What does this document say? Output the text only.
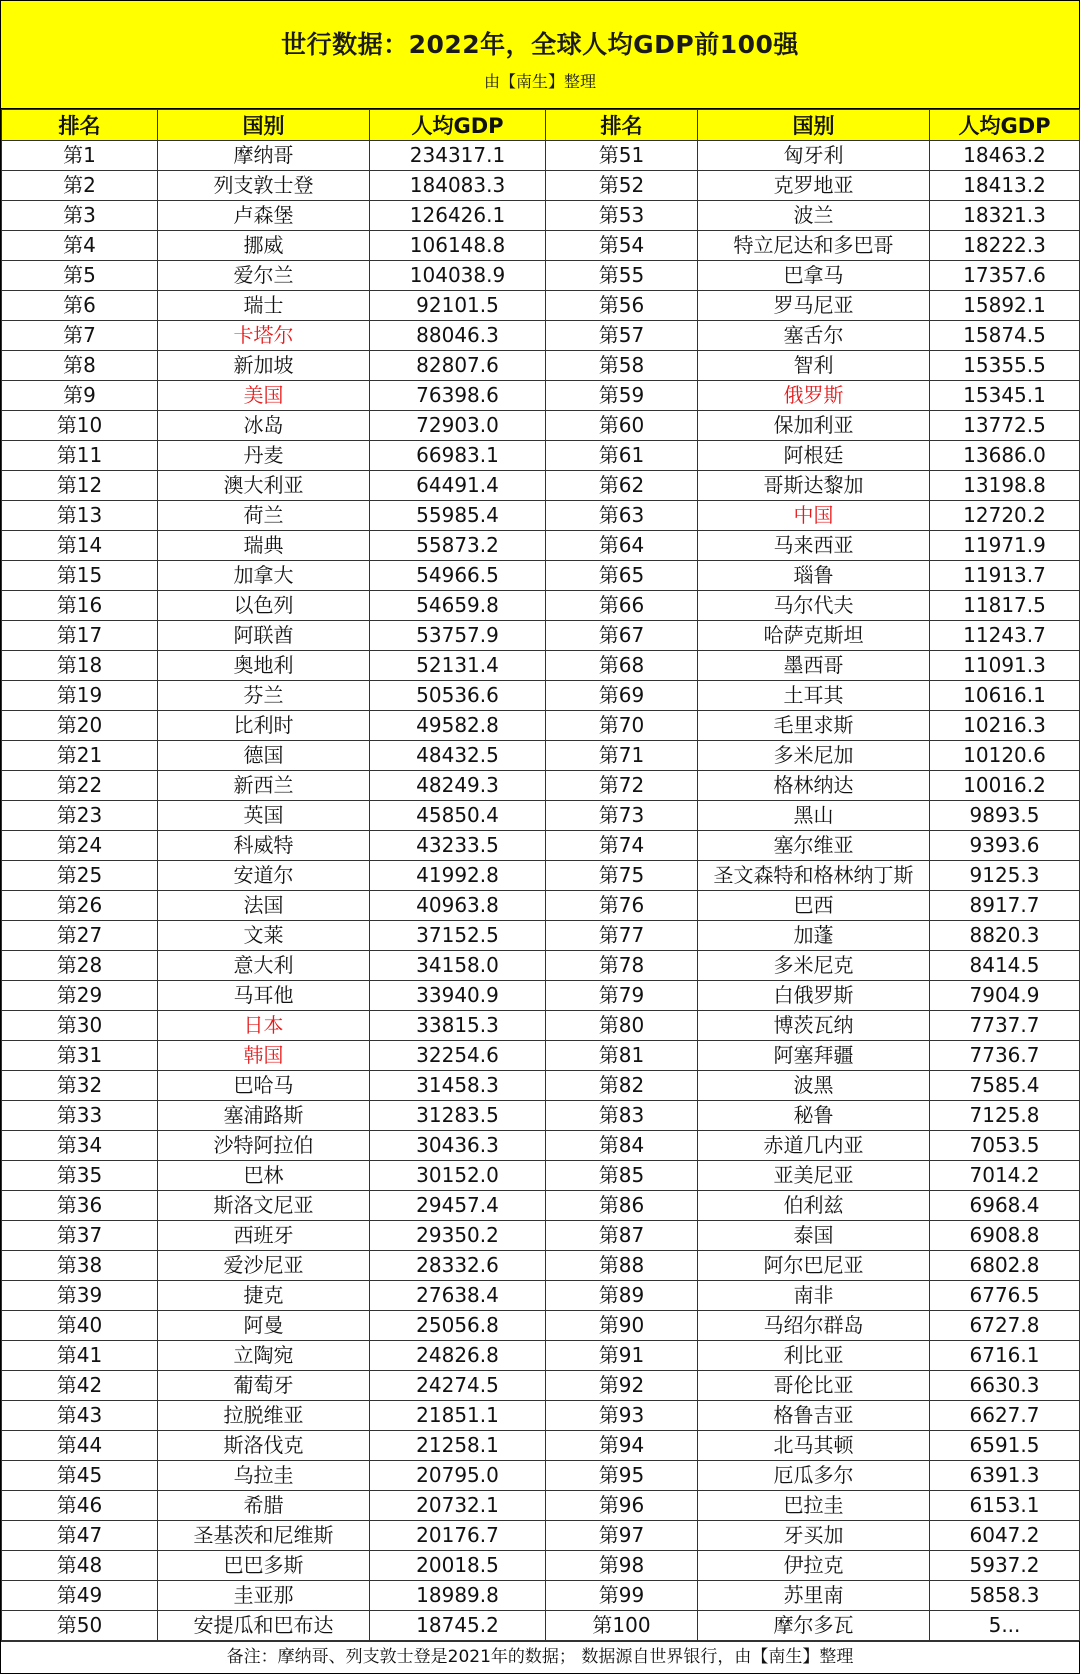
世行数据：2022年，全球人均GDP前100强
由【南生】整理
排名	国别	人均GDP	排名	国别	人均GDP
第1	摩纳哥	234317.1	第51	匈牙利	18463.2
第2	列支敦士登	184083.3	第52	克罗地亚	18413.2
第3	卢森堡	126426.1	第53	波兰	18321.3
第4	挪威	106148.8	第54	特立尼达和多巴哥	18222.3
第5	爱尔兰	104038.9	第55	巴拿马	17357.6
第6	瑞士	92101.5	第56	罗马尼亚	15892.1
第7	卡塔尔	88046.3	第57	塞舌尔	15874.5
第8	新加坡	82807.6	第58	智利	15355.5
第9	美国	76398.6	第59	俄罗斯	15345.1
第10	冰岛	72903.0	第60	保加利亚	13772.5
第11	丹麦	66983.1	第61	阿根廷	13686.0
第12	澳大利亚	64491.4	第62	哥斯达黎加	13198.8
第13	荷兰	55985.4	第63	中国	12720.2
第14	瑞典	55873.2	第64	马来西亚	11971.9
第15	加拿大	54966.5	第65	瑙鲁	11913.7
第16	以色列	54659.8	第66	马尔代夫	11817.5
第17	阿联酋	53757.9	第67	哈萨克斯坦	11243.7
第18	奥地利	52131.4	第68	墨西哥	11091.3
第19	芬兰	50536.6	第69	土耳其	10616.1
第20	比利时	49582.8	第70	毛里求斯	10216.3
第21	德国	48432.5	第71	多米尼加	10120.6
第22	新西兰	48249.3	第72	格林纳达	10016.2
第23	英国	45850.4	第73	黑山	9893.5
第24	科威特	43233.5	第74	塞尔维亚	9393.6
第25	安道尔	41992.8	第75	圣文森特和格林纳丁斯	9125.3
第26	法国	40963.8	第76	巴西	8917.7
第27	文莱	37152.5	第77	加蓬	8820.3
第28	意大利	34158.0	第78	多米尼克	8414.5
第29	马耳他	33940.9	第79	白俄罗斯	7904.9
第30	日本	33815.3	第80	博茨瓦纳	7737.7
第31	韩国	32254.6	第81	阿塞拜疆	7736.7
第32	巴哈马	31458.3	第82	波黑	7585.4
第33	塞浦路斯	31283.5	第83	秘鲁	7125.8
第34	沙特阿拉伯	30436.3	第84	赤道几内亚	7053.5
第35	巴林	30152.0	第85	亚美尼亚	7014.2
第36	斯洛文尼亚	29457.4	第86	伯利兹	6968.4
第37	西班牙	29350.2	第87	泰国	6908.8
第38	爱沙尼亚	28332.6	第88	阿尔巴尼亚	6802.8
第39	捷克	27638.4	第89	南非	6776.5
第40	阿曼	25056.8	第90	马绍尔群岛	6727.8
第41	立陶宛	24826.8	第91	利比亚	6716.1
第42	葡萄牙	24274.5	第92	哥伦比亚	6630.3
第43	拉脱维亚	21851.1	第93	格鲁吉亚	6627.7
第44	斯洛伐克	21258.1	第94	北马其顿	6591.5
第45	乌拉圭	20795.0	第95	厄瓜多尔	6391.3
第46	希腊	20732.1	第96	巴拉圭	6153.1
第47	圣基茨和尼维斯	20176.7	第97	牙买加	6047.2
第48	巴巴多斯	20018.5	第98	伊拉克	5937.2
第49	圭亚那	18989.8	第99	苏里南	5858.3
第50	安提瓜和巴布达	18745.2	第100	摩尔多瓦	5...
备注：摩纳哥、列支敦士登是2021年的数据； 数据源自世界银行，由【南生】整理
